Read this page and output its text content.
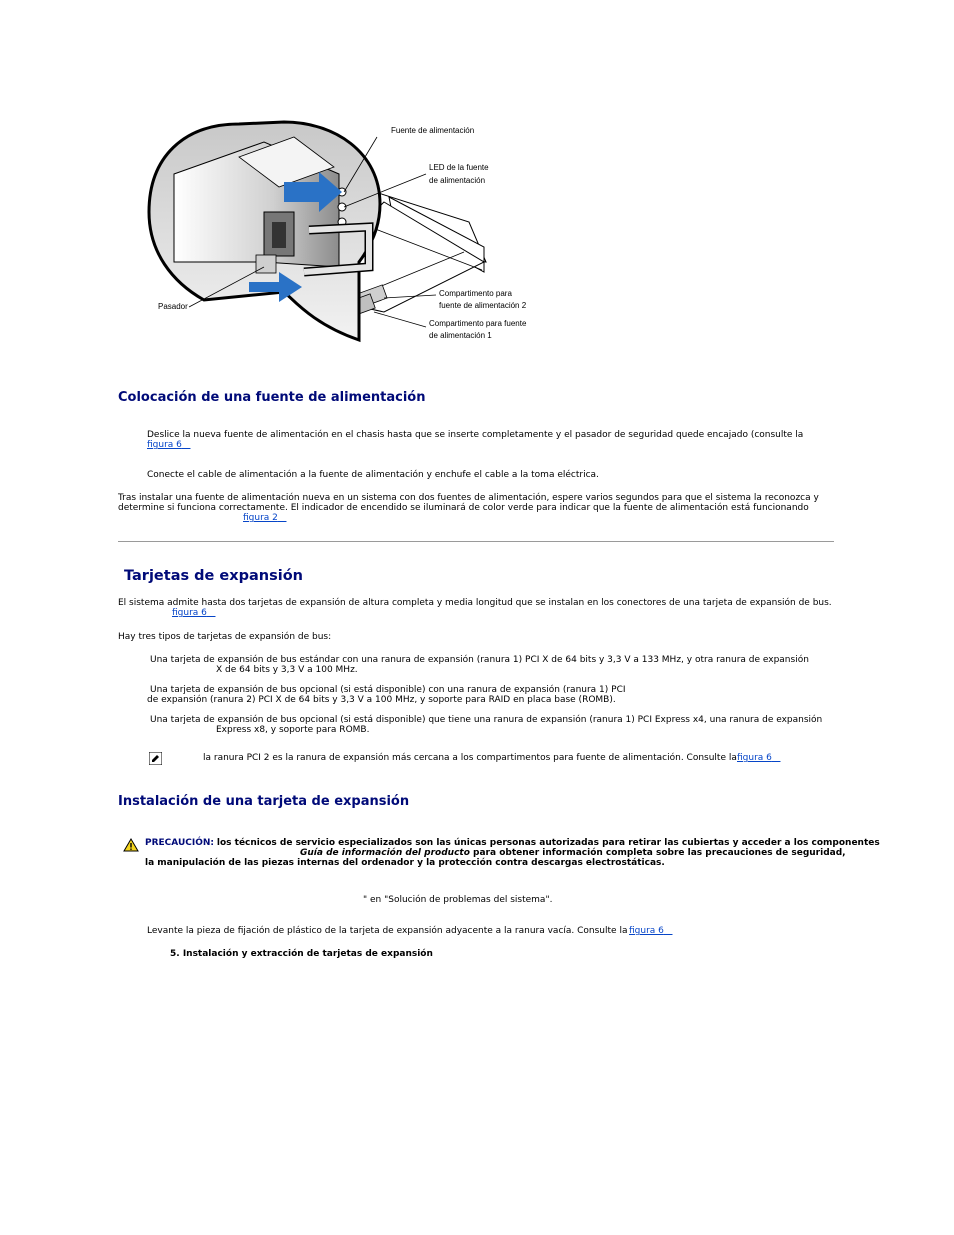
Fuente de alimentación
LED de la fuente
de alimentación
Compartimento para
fuente de alimentación 2
Compartimento para fuente
de alimentación 1
Pasador
Colocación de una fuente de alimentación
Deslice la nueva fuente de alimentación en el chasis hasta que se inserte completamente y el pasador de seguridad quede encajado (consulte la
figura 6
Conecte el cable de alimentación a la fuente de alimentación y enchufe el cable a la toma eléctrica.
Tras instalar una fuente de alimentación nueva en un sistema con dos fuentes de alimentación, espere varios segundos para que el sistema la reconozca y
determine si funciona correctamente. El indicador de encendido se iluminará de color verde para indicar que la fuente de alimentación está funcionando
figura 2
Tarjetas de expansión
El sistema admite hasta dos tarjetas de expansión de altura completa y media longitud que se instalan en los conectores de una tarjeta de expansión de bus.
figura 6
Hay tres tipos de tarjetas de expansión de bus:
Una tarjeta de expansión de bus estándar con una ranura de expansión (ranura 1) PCI X de 64 bits y 3,3 V a 133 MHz, y otra ranura de expansión
X de 64 bits y 3,3 V a 100 MHz.
Una tarjeta de expansión de bus opcional (si está disponible) con una ranura de expansión (ranura 1) PCI
de expansión (ranura 2) PCI X de 64 bits y 3,3 V a 100 MHz, y soporte para RAID en placa base (ROMB).
Una tarjeta de expansión de bus opcional (si está disponible) que tiene una ranura de expansión (ranura 1) PCI Express x4, una ranura de expansión
Express x8, y soporte para ROMB.
la ranura PCI 2 es la ranura de expansión más cercana a los compartimentos para fuente de alimentación. Consulte la figura 6
Instalación de una tarjeta de expansión
PRECAUCIÓN: los técnicos de servicio especializados son las únicas personas autorizadas para retirar las cubiertas y acceder a los componentes
Guía de información del producto para obtener información completa sobre las precauciones de seguridad,
la manipulación de las piezas internas del ordenador y la protección contra descargas electrostáticas.
" en "Solución de problemas del sistema".
Levante la pieza de fijación de plástico de la tarjeta de expansión adyacente a la ranura vacía. Consulte la figura 6
5. Instalación y extracción de tarjetas de expansión
